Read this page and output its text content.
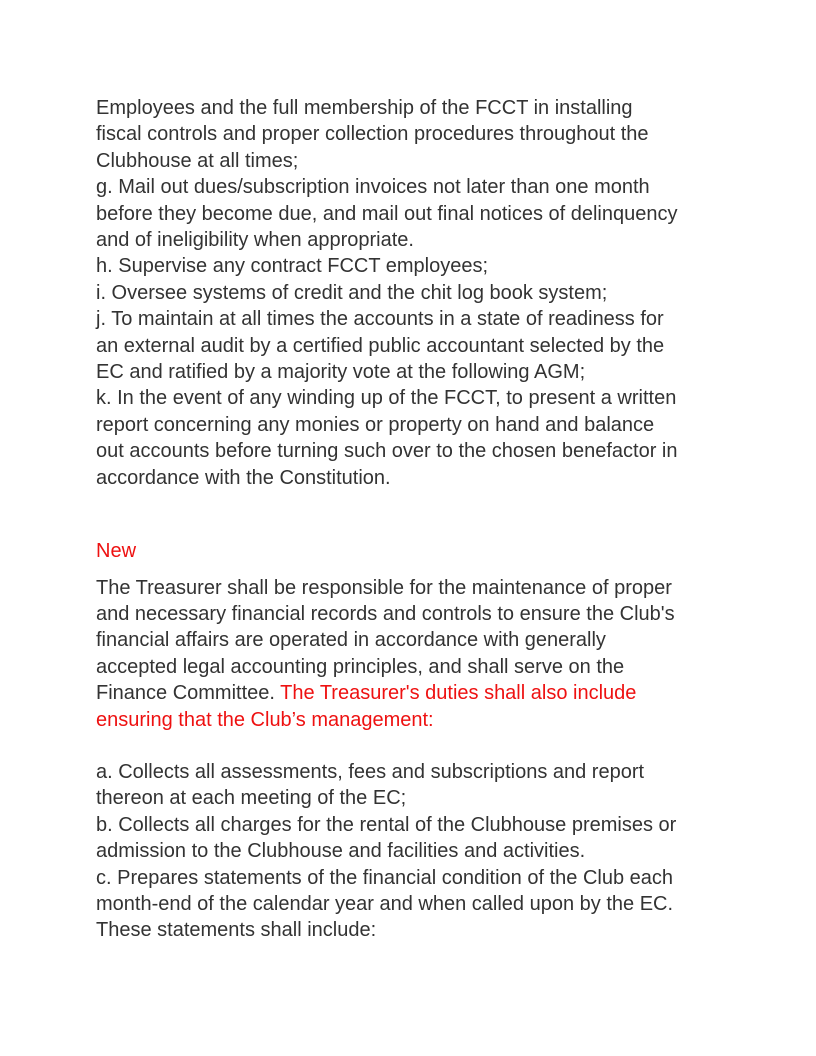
Employees and the full membership of the FCCT in installing
fiscal controls and proper collection procedures throughout the
Clubhouse at all times;
g. Mail out dues/subscription invoices not later than one month
before they become due, and mail out final notices of delinquency
and of ineligibility when appropriate.
h. Supervise any contract FCCT employees;
i. Oversee systems of credit and the chit log book system;
j. To maintain at all times the accounts in a state of readiness for
an external audit by a certified public accountant selected by the
EC and ratified by a majority vote at the following AGM;
k. In the event of any winding up of the FCCT, to present a written
report concerning any monies or property on hand and balance
out accounts before turning such over to the chosen benefactor in
accordance with the Constitution.
New
The Treasurer shall be responsible for the maintenance of proper
and necessary financial records and controls to ensure the Club's
financial affairs are operated in accordance with generally
accepted legal accounting principles, and shall serve on the
Finance Committee. The Treasurer's duties shall also include
ensuring that the Club’s management:
a. Collects all assessments, fees and subscriptions and report
thereon at each meeting of the EC;
b. Collects all charges for the rental of the Clubhouse premises or
admission to the Clubhouse and facilities and activities.
c. Prepares statements of the financial condition of the Club each
month-end of the calendar year and when called upon by the EC.
These statements shall include:
